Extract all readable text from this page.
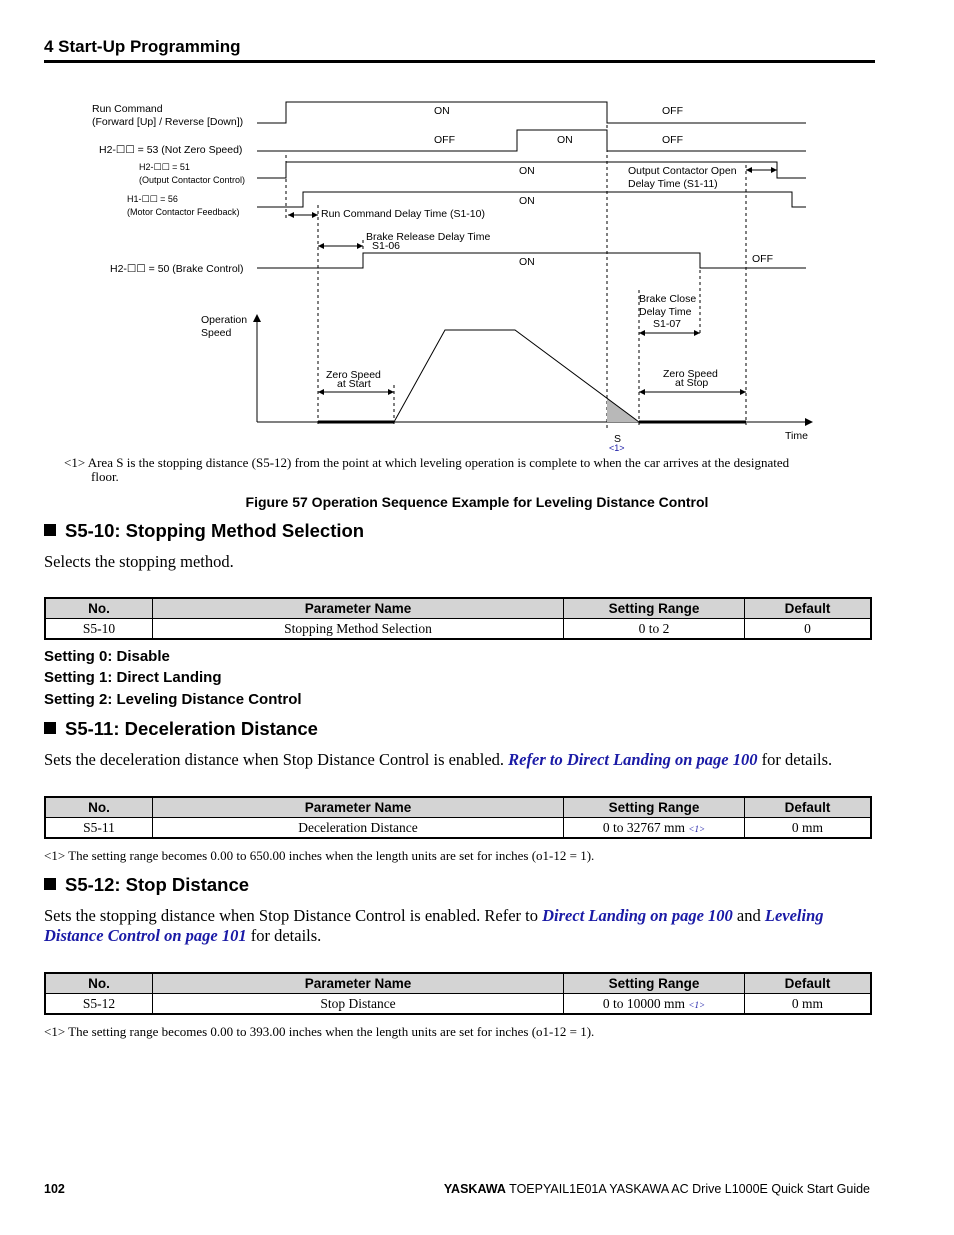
4 Start-Up Programming
Run Command
(Forward [Up] / Reverse [Down])
H2-☐☐ = 53 (Not Zero Speed)
H2-☐☐ = 51
(Output Contactor Control)
H1-☐☐ = 56
(Motor Contactor Feedback)
H2-☐☐ = 50 (Brake Control)
Operation
Speed
ON	OFF
OFF	ON	OFF
ON	Output Contactor Open
Delay Time (S1-11)
ON
Run Command Delay Time (S1-10)
Brake Release Delay Time
S1-06
ON	OFF
Brake Close
Delay Time
S1-07
Time
Zero Speed
at Start
Zero Speed
at Stop
S
<1>
<1> Area S is the stopping distance (S5-12) from the point at which leveling operation is complete to when the car arrives at the designated
floor.
Figure 57 Operation Sequence Example for Leveling Distance Control
S5-10: Stopping Method Selection
Selects the stopping method.
No.	Parameter Name	Setting Range	Default
S5-10	Stopping Method Selection	0 to 2	0
Setting 0: Disable
Setting 1: Direct Landing
Setting 2: Leveling Distance Control
S5-11: Deceleration Distance
Sets the deceleration distance when Stop Distance Control is enabled. Refer to Direct Landing on page 100 for details.
No.	Parameter Name	Setting Range	Default
S5-11	Deceleration Distance	0 to 32767 mm <1>	0 mm
<1> The setting range becomes 0.00 to 650.00 inches when the length units are set for inches (o1-12 = 1).
S5-12: Stop Distance
Sets the stopping distance when Stop Distance Control is enabled. Refer to Direct Landing on page 100 and Leveling
Distance Control on page 101 for details.
No.	Parameter Name	Setting Range	Default
S5-12	Stop Distance	0 to 10000 mm <1>	0 mm
<1> The setting range becomes 0.00 to 393.00 inches when the length units are set for inches (o1-12 = 1).
102	YASKAWA TOEPYAIL1E01A YASKAWA AC Drive L1000E Quick Start Guide
